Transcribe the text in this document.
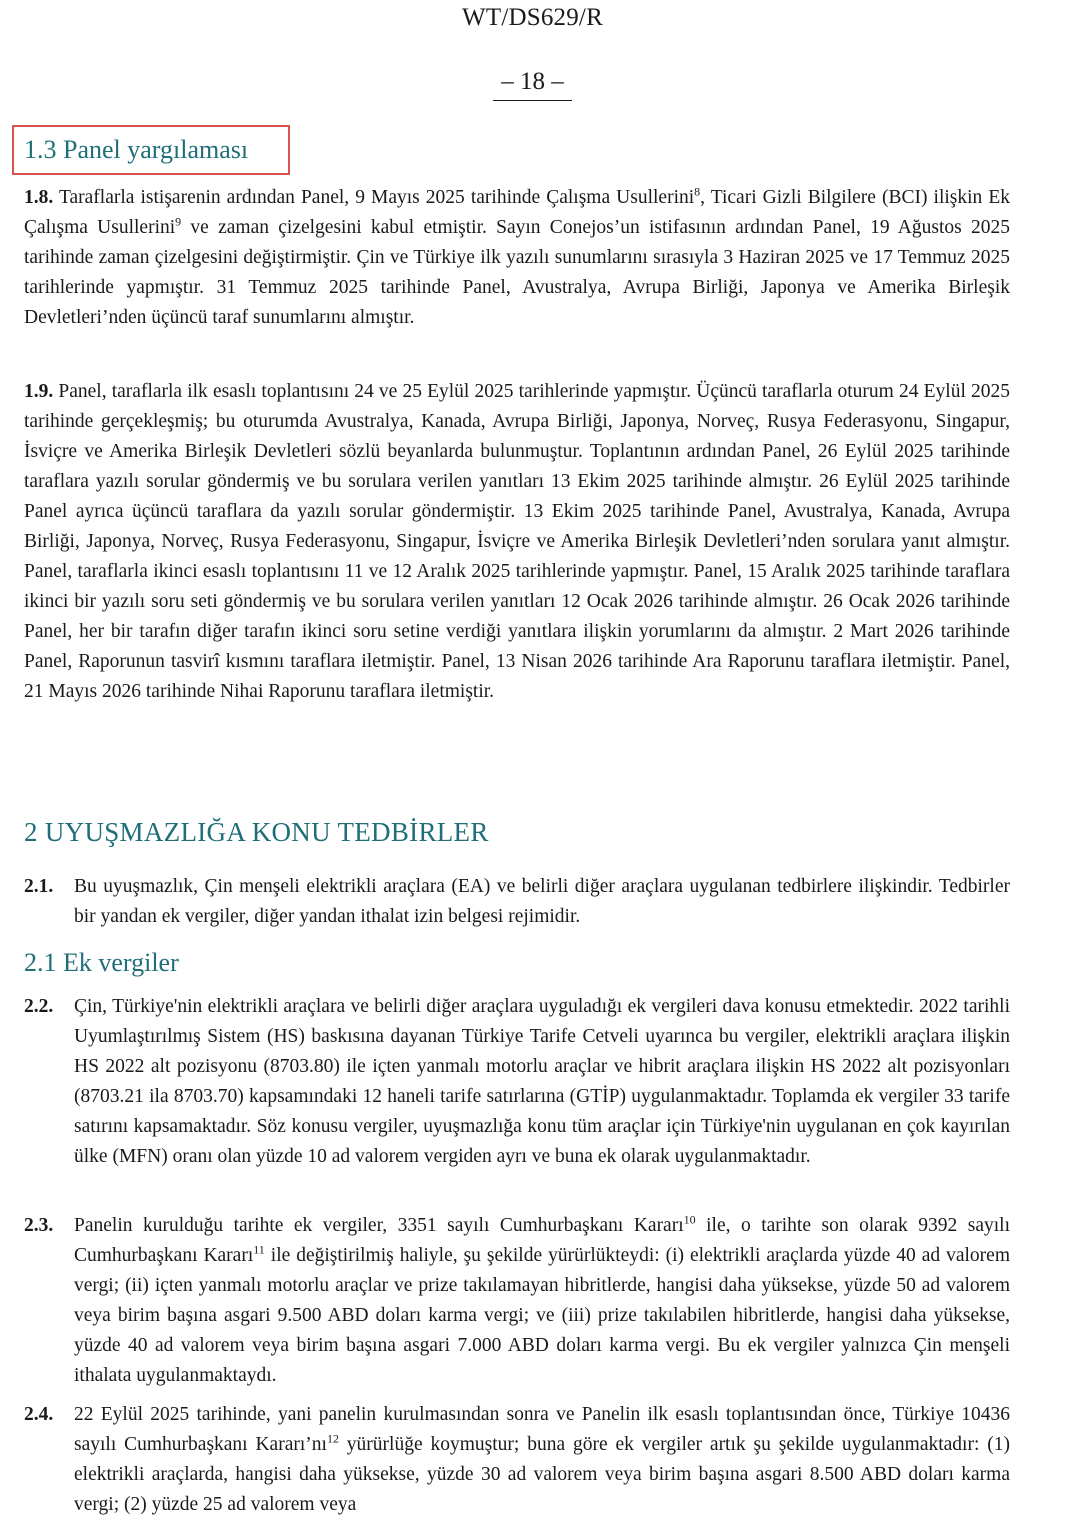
WT/DS629/R
– 18 –
1.3 Panel yargılaması
1.8. Taraflarla istişarenin ardından Panel, 9 Mayıs 2025 tarihinde Çalışma Usullerini$^8$, Ticari Gizli Bilgilere (BCI) ilişkin Ek Çalışma Usullerini$^9$ ve zaman çizelgesini kabul etmiştir. Sayın Conejos’un istifasının ardından Panel, 19 Ağustos 2025 tarihinde zaman çizelgesini değiştirmiştir. Çin ve Türkiye ilk yazılı sunumlarını sırasıyla 3 Haziran 2025 ve 17 Temmuz 2025 tarihlerinde yapmıştır. 31 Temmuz 2025 tarihinde Panel, Avustralya, Avrupa Birliği, Japonya ve Amerika Birleşik Devletleri’nden üçüncü taraf sunumlarını almıştır.
1.9. Panel, taraflarla ilk esaslı toplantısını 24 ve 25 Eylül 2025 tarihlerinde yapmıştır. Üçüncü taraflarla oturum 24 Eylül 2025 tarihinde gerçekleşmiş; bu oturumda Avustralya, Kanada, Avrupa Birliği, Japonya, Norveç, Rusya Federasyonu, Singapur, İsviçre ve Amerika Birleşik Devletleri sözlü beyanlarda bulunmuştur. Toplantının ardından Panel, 26 Eylül 2025 tarihinde taraflara yazılı sorular göndermiş ve bu sorulara verilen yanıtları 13 Ekim 2025 tarihinde almıştır. 26 Eylül 2025 tarihinde Panel ayrıca üçüncü taraflara da yazılı sorular göndermiştir. 13 Ekim 2025 tarihinde Panel, Avustralya, Kanada, Avrupa Birliği, Japonya, Norveç, Rusya Federasyonu, Singapur, İsviçre ve Amerika Birleşik Devletleri’nden sorulara yanıt almıştır. Panel, taraflarla ikinci esaslı toplantısını 11 ve 12 Aralık 2025 tarihlerinde yapmıştır. Panel, 15 Aralık 2025 tarihinde taraflara ikinci bir yazılı soru seti göndermiş ve bu sorulara verilen yanıtları 12 Ocak 2026 tarihinde almıştır. 26 Ocak 2026 tarihinde Panel, her bir tarafın diğer tarafın ikinci soru setine verdiği yanıtlara ilişkin yorumlarını da almıştır. 2 Mart 2026 tarihinde Panel, Raporunun tasvirî kısmını taraflara iletmiştir. Panel, 13 Nisan 2026 tarihinde Ara Raporunu taraflara iletmiştir. Panel, 21 Mayıs 2026 tarihinde Nihai Raporunu taraflara iletmiştir.
2 UYUŞMAZLIĞA KONU TEDBİRLER
2.1. Bu uyuşmazlık, Çin menşeli elektrikli araçlara (EA) ve belirli diğer araçlara uygulanan tedbirlere ilişkindir. Tedbirler bir yandan ek vergiler, diğer yandan ithalat izin belgesi rejimidir.
2.1 Ek vergiler
2.2. Çin, Türkiye'nin elektrikli araçlara ve belirli diğer araçlara uyguladığı ek vergileri dava konusu etmektedir. 2022 tarihli Uyumlaştırılmış Sistem (HS) baskısına dayanan Türkiye Tarife Cetveli uyarınca bu vergiler, elektrikli araçlara ilişkin HS 2022 alt pozisyonu (8703.80) ile içten yanmalı motorlu araçlar ve hibrit araçlara ilişkin HS 2022 alt pozisyonları (8703.21 ila 8703.70) kapsamındaki 12 haneli tarife satırlarına (GTİP) uygulanmaktadır. Toplamda ek vergiler 33 tarife satırını kapsamaktadır. Söz konusu vergiler, uyuşmazlığa konu tüm araçlar için Türkiye'nin uygulanan en çok kayırılan ülke (MFN) oranı olan yüzde 10 ad valorem vergiden ayrı ve buna ek olarak uygulanmaktadır.
2.3. Panelin kurulduğu tarihte ek vergiler, 3351 sayılı Cumhurbaşkanı Kararı$^{10}$ ile, o tarihte son olarak 9392 sayılı Cumhurbaşkanı Kararı$^{11}$ ile değiştirilmiş haliyle, şu şekilde yürürlükteydi: (i) elektrikli araçlarda yüzde 40 ad valorem vergi; (ii) içten yanmalı motorlu araçlar ve prize takılamayan hibritlerde, hangisi daha yüksekse, yüzde 50 ad valorem veya birim başına asgari 9.500 ABD doları karma vergi; ve (iii) prize takılabilen hibritlerde, hangisi daha yüksekse, yüzde 40 ad valorem veya birim başına asgari 7.000 ABD doları karma vergi. Bu ek vergiler yalnızca Çin menşeli ithalata uygulanmaktaydı.
2.4. 22 Eylül 2025 tarihinde, yani panelin kurulmasından sonra ve Panelin ilk esaslı toplantısından önce, Türkiye 10436 sayılı Cumhurbaşkanı $Kararı’nı^{12}$ yürürlüğe koymuştur; buna göre ek vergiler artık şu şekilde uygulanmaktadır: (1) elektrikli araçlarda, hangisi daha yüksekse, yüzde 30 ad valorem veya birim başına asgari 8.500 ABD doları karma vergi; (2) yüzde 25 ad valorem veya
